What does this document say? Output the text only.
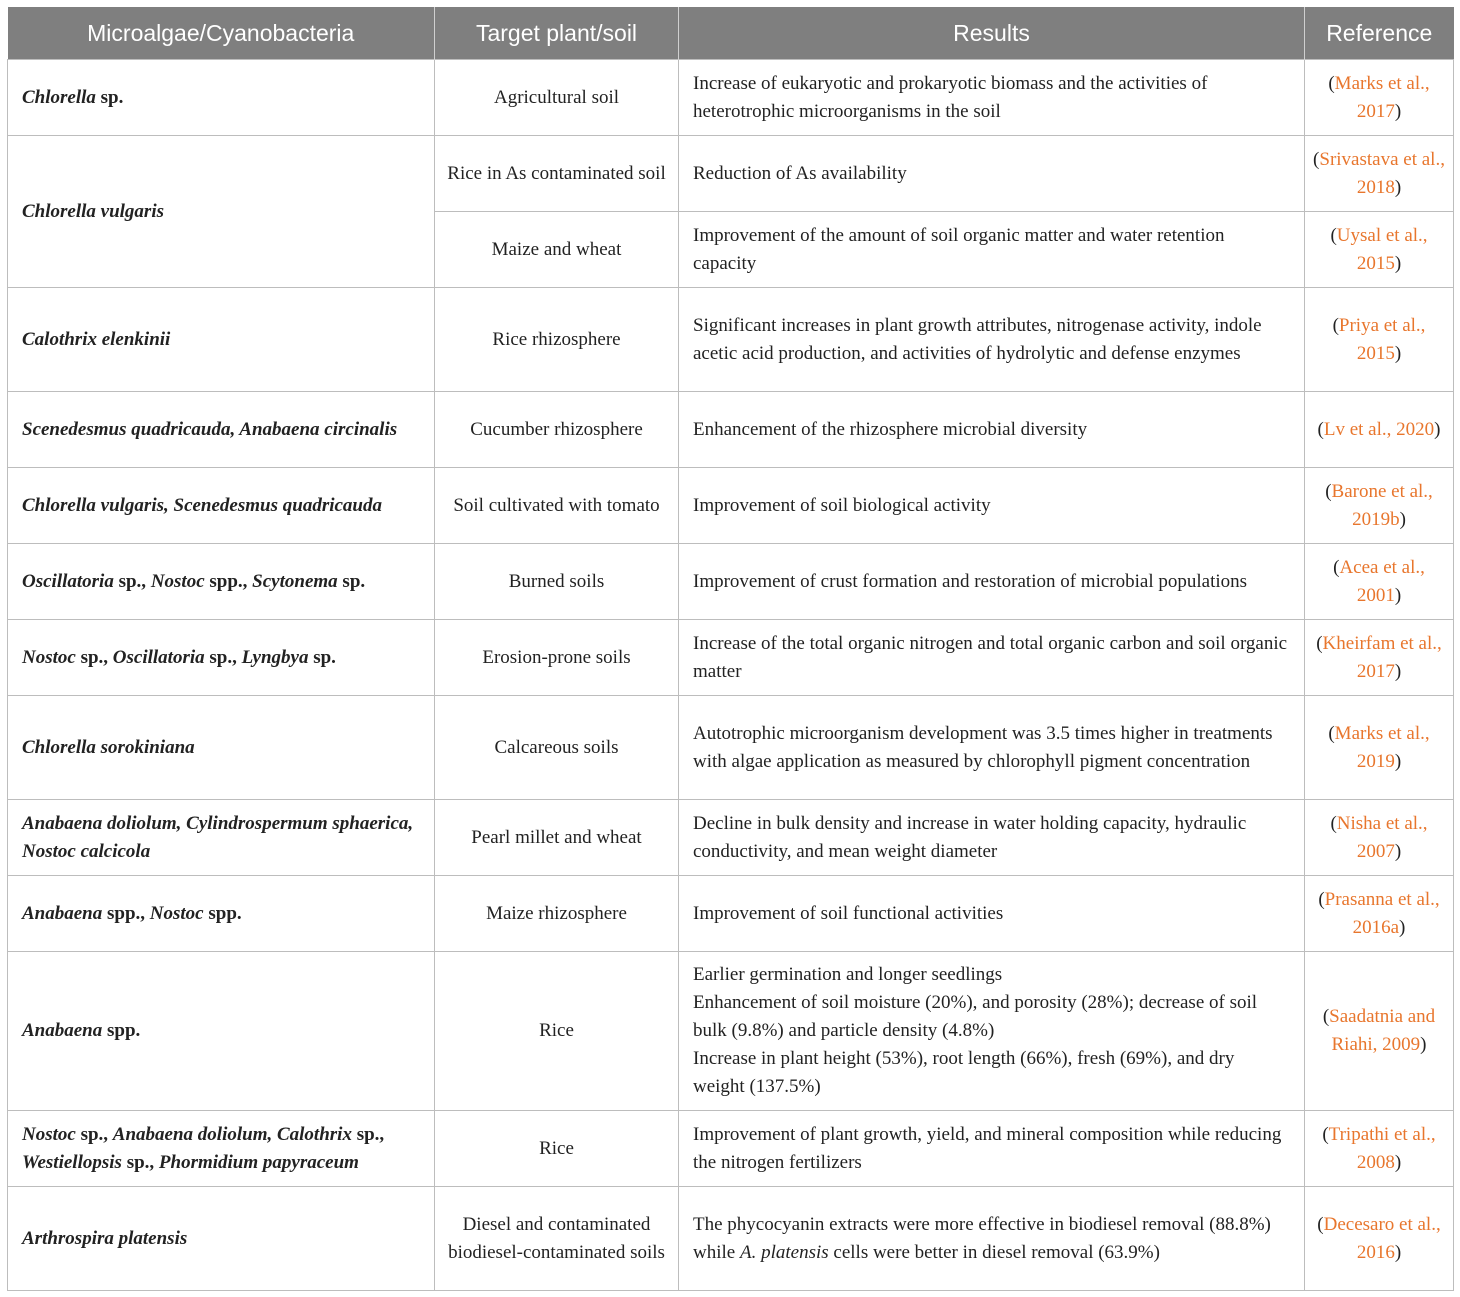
Microalgae/Cyanobacteria	Target plant/soil	Results	Reference
Chlorella sp.	Agricultural soil	Increase of eukaryotic and prokaryotic biomass and the activities of heterotrophic microorganisms in the soil	(Marks et al., 2017)
Chlorella vulgaris	Rice in As contaminated soil	Reduction of As availability	(Srivastava et al., 2018)
	Maize and wheat	Improvement of the amount of soil organic matter and water retention capacity	(Uysal et al., 2015)
Calothrix elenkinii	Rice rhizosphere	Significant increases in plant growth attributes, nitrogenase activity, indole acetic acid production, and activities of hydrolytic and defense enzymes	(Priya et al., 2015)
Scenedesmus quadricauda, Anabaena circinalis	Cucumber rhizosphere	Enhancement of the rhizosphere microbial diversity	(Lv et al., 2020)
Chlorella vulgaris, Scenedesmus quadricauda	Soil cultivated with tomato	Improvement of soil biological activity	(Barone et al., 2019b)
Oscillatoria sp., Nostoc spp., Scytonema sp.	Burned soils	Improvement of crust formation and restoration of microbial populations	(Acea et al., 2001)
Nostoc sp., Oscillatoria sp., Lyngbya sp.	Erosion-prone soils	Increase of the total organic nitrogen and total organic carbon and soil organic matter	(Kheirfam et al., 2017)
Chlorella sorokiniana	Calcareous soils	Autotrophic microorganism development was 3.5 times higher in treatments with algae application as measured by chlorophyll pigment concentration	(Marks et al., 2019)
Anabaena doliolum, Cylindrospermum sphaerica, Nostoc calcicola	Pearl millet and wheat	Decline in bulk density and increase in water holding capacity, hydraulic conductivity, and mean weight diameter	(Nisha et al., 2007)
Anabaena spp., Nostoc spp.	Maize rhizosphere	Improvement of soil functional activities	(Prasanna et al., 2016a)
Anabaena spp.	Rice	Earlier germination and longer seedlings
Enhancement of soil moisture (20%), and porosity (28%); decrease of soil bulk (9.8%) and particle density (4.8%)
Increase in plant height (53%), root length (66%), fresh (69%), and dry weight (137.5%)	(Saadatnia and Riahi, 2009)
Nostoc sp., Anabaena doliolum, Calothrix sp., Westiellopsis sp., Phormidium papyraceum	Rice	Improvement of plant growth, yield, and mineral composition while reducing the nitrogen fertilizers	(Tripathi et al., 2008)
Arthrospira platensis	Diesel and contaminated biodiesel-contaminated soils	The phycocyanin extracts were more effective in biodiesel removal (88.8%) while A. platensis cells were better in diesel removal (63.9%)	(Decesaro et al., 2016)
